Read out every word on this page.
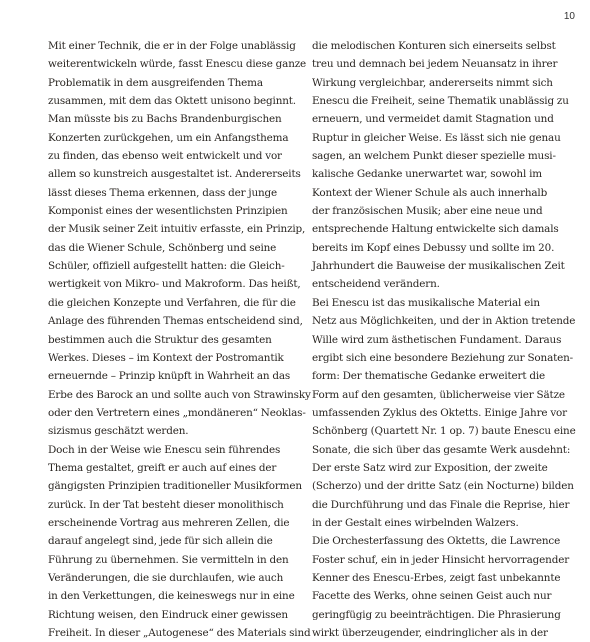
10

Mit einer Technik, die er in der Folge unablässig
weiterentwickeln würde, fasst Enescu diese ganze
Problematik in dem ausgreifenden Thema
zusammen, mit dem das Oktett unisono beginnt.
Man müsste bis zu Bachs Brandenburgischen
Konzerten zurückgehen, um ein Anfangsthema
zu finden, das ebenso weit entwickelt und vor
allem so kunstreich ausgestaltet ist. Andererseits
lässt dieses Thema erkennen, dass der junge
Komponist eines der wesentlichsten Prinzipien
der Musik seiner Zeit intuitiv erfasste, ein Prinzip,
das die Wiener Schule, Schönberg und seine
Schüler, offiziell aufgestellt hatten: die Gleich-
wertigkeit von Mikro- und Makroform. Das heißt,
die gleichen Konzepte und Verfahren, die für die
Anlage des führenden Themas entscheidend sind,
bestimmen auch die Struktur des gesamten
Werkes. Dieses – im Kontext der Postromantik
erneuernde – Prinzip knüpft in Wahrheit an das
Erbe des Barock an und sollte auch von Strawinsky
oder den Vertretern eines „mondäneren“ Neoklas-
sizismus geschätzt werden.

Doch in der Weise wie Enescu sein führendes
Thema gestaltet, greift er auch auf eines der
gängigsten Prinzipien traditioneller Musikformen
zurück. In der Tat besteht dieser monolithisch
erscheinende Vortrag aus mehreren Zellen, die
darauf angelegt sind, jede für sich allein die
Führung zu übernehmen. Sie vermitteln in den
Veränderungen, die sie durchlaufen, wie auch
in den Verkettungen, die keineswegs nur in eine
Richtung weisen, den Eindruck einer gewissen
Freiheit. In dieser „Autogenese“ des Materials sind

die melodischen Konturen sich einerseits selbst
treu und demnach bei jedem Neuansatz in ihrer
Wirkung vergleichbar, andererseits nimmt sich
Enescu die Freiheit, seine Thematik unablässig zu
erneuern, und vermeidet damit Stagnation und
Ruptur in gleicher Weise. Es lässt sich nie genau
sagen, an welchem Punkt dieser spezielle musi-
kalische Gedanke unerwartet war, sowohl im
Kontext der Wiener Schule als auch innerhalb
der französischen Musik; aber eine neue und
entsprechende Haltung entwickelte sich damals
bereits im Kopf eines Debussy und sollte im 20.
Jahrhundert die Bauweise der musikalischen Zeit
entscheidend verändern.

Bei Enescu ist das musikalische Material ein
Netz aus Möglichkeiten, und der in Aktion tretende
Wille wird zum ästhetischen Fundament. Daraus
ergibt sich eine besondere Beziehung zur Sonaten-
form: Der thematische Gedanke erweitert die
Form auf den gesamten, üblicherweise vier Sätze
umfassenden Zyklus des Oktetts. Einige Jahre vor
Schönberg (Quartett Nr. 1 op. 7) baute Enescu eine
Sonate, die sich über das gesamte Werk ausdehnt:
Der erste Satz wird zur Exposition, der zweite
(Scherzo) und der dritte Satz (ein Nocturne) bilden
die Durchführung und das Finale die Reprise, hier
in der Gestalt eines wirbelnden Walzers.

Die Orchesterfassung des Oktetts, die Lawrence
Foster schuf, ein in jeder Hinsicht hervorragender
Kenner des Enescu-Erbes, zeigt fast unbekannte
Facette des Werks, ohne seinen Geist auch nur
geringfügig zu beeinträchtigen. Die Phrasierung
wirkt überzeugender, eindringlicher als in der
